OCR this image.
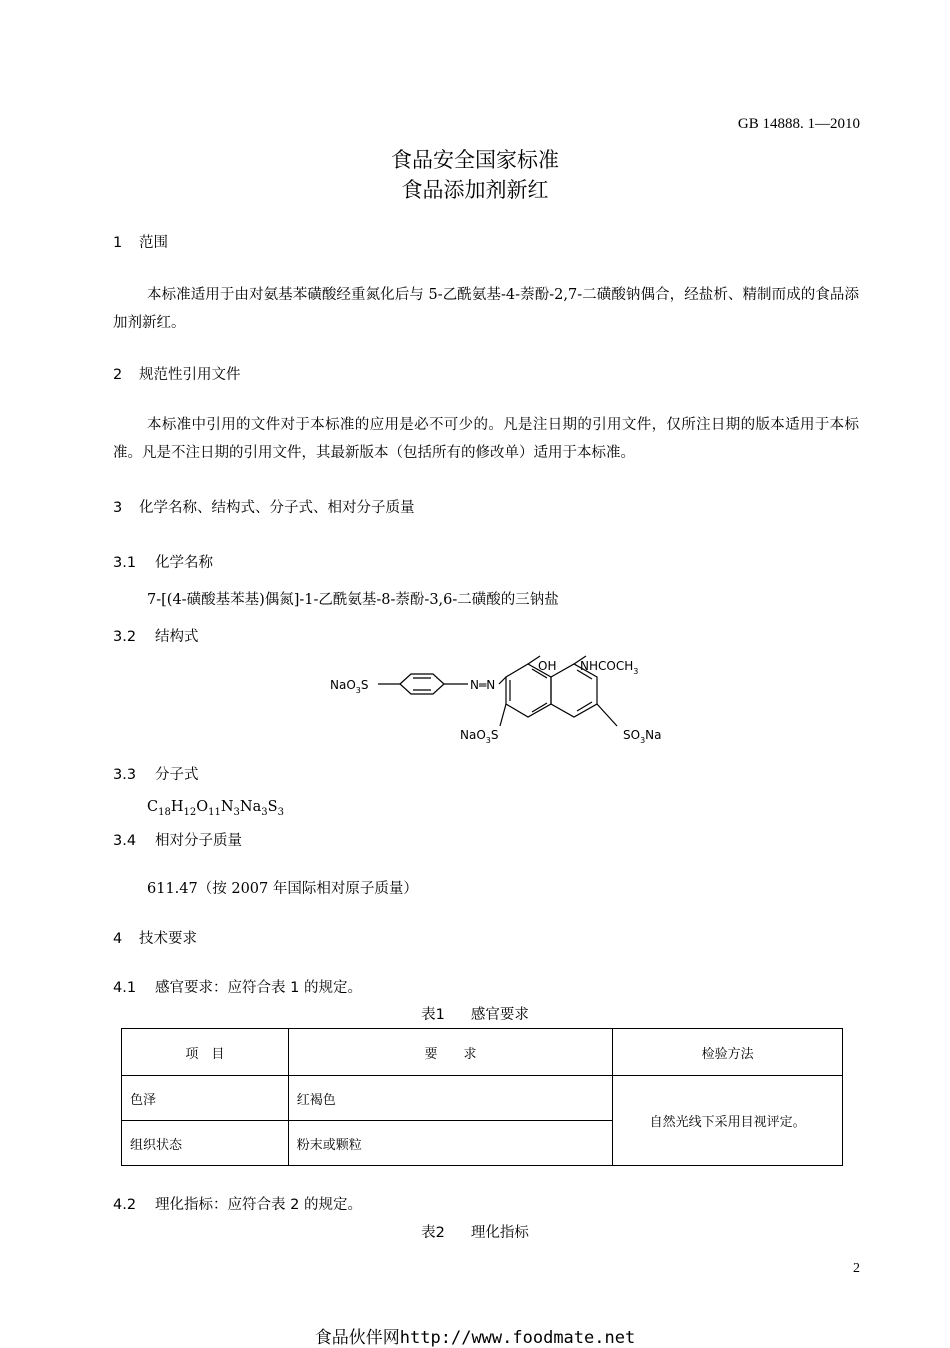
GB 14888. 1—2010
食品安全国家标准
食品添加剂新红
1 范围
本标准适用于由对氨基苯磺酸经重氮化后与 5-乙酰氨基-4-萘酚-2,7-二磺酸钠偶合，经盐析、精制而成的食品添加剂新红。
2 规范性引用文件
本标准中引用的文件对于本标准的应用是必不可少的。凡是注日期的引用文件，仅所注日期的版本适用于本标准。凡是不注日期的引用文件，其最新版本（包括所有的修改单）适用于本标准。
3 化学名称、结构式、分子式、相对分子质量
3.1 化学名称
7-[(4-磺酸基苯基)偶氮]-1-乙酰氨基-8-萘酚-3,6-二磺酸的三钠盐
3.2 结构式
NaO$_3$S	N═N
OH $NHCOCH_3$
NaO$_3$S	$SO_3Na$
3.3 分子式
$C_{18}H_{12}O_{11}N_3Na_3S_3$
3.4 相对分子质量
611.47（按 2007 年国际相对原子质量）
4 技术要求
4.1 感官要求：应符合表 1 的规定。
表1 感官要求
项　目	要　　求	检验方法
色泽	红褐色	自然光线下采用目视评定。
组织状态	粉末或颗粒	
4.2 理化指标：应符合表 2 的规定。
表2 理化指标
2
食品伙伴网http://www.foodmate.net
